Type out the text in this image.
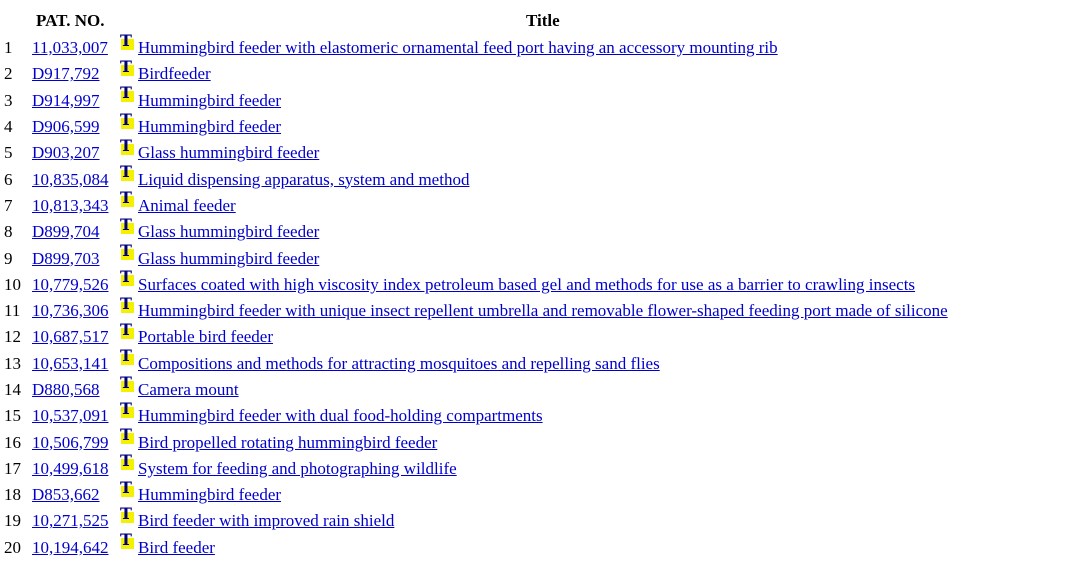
	PAT. NO.		Title
1	11,033,007	T	Hummingbird feeder with elastomeric ornamental feed port having an accessory mounting rib
2	D917,792	T	Birdfeeder
3	D914,997	T	Hummingbird feeder
4	D906,599	T	Hummingbird feeder
5	D903,207	T	Glass hummingbird feeder
6	10,835,084	T	Liquid dispensing apparatus, system and method
7	10,813,343	T	Animal feeder
8	D899,704	T	Glass hummingbird feeder
9	D899,703	T	Glass hummingbird feeder
10	10,779,526	T	Surfaces coated with high viscosity index petroleum based gel and methods for use as a barrier to crawling insects
11	10,736,306	T	Hummingbird feeder with unique insect repellent umbrella and removable flower-shaped feeding port made of silicone
12	10,687,517	T	Portable bird feeder
13	10,653,141	T	Compositions and methods for attracting mosquitoes and repelling sand flies
14	D880,568	T	Camera mount
15	10,537,091	T	Hummingbird feeder with dual food-holding compartments
16	10,506,799	T	Bird propelled rotating hummingbird feeder
17	10,499,618	T	System for feeding and photographing wildlife
18	D853,662	T	Hummingbird feeder
19	10,271,525	T	Bird feeder with improved rain shield
20	10,194,642	T	Bird feeder
